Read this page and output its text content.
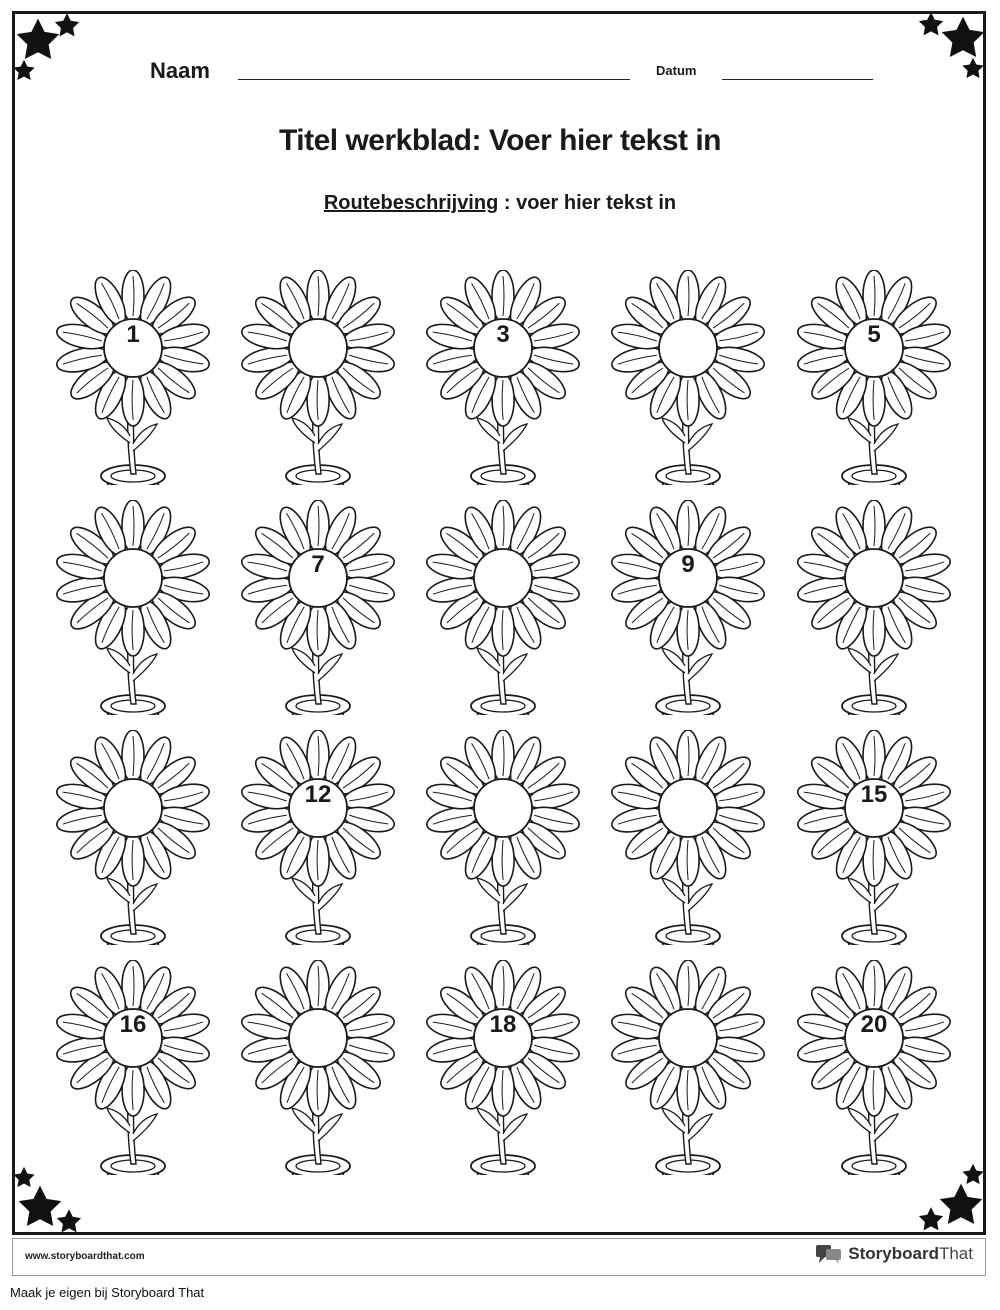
Naam	Datum
Titel werkblad: Voer hier tekst in
Routebeschrijving : voer hier tekst in
1	3	5
7	9
12	15
16	18	20
www.storyboardthat.com	StoryboardThat
Maak je eigen bij Storyboard That
